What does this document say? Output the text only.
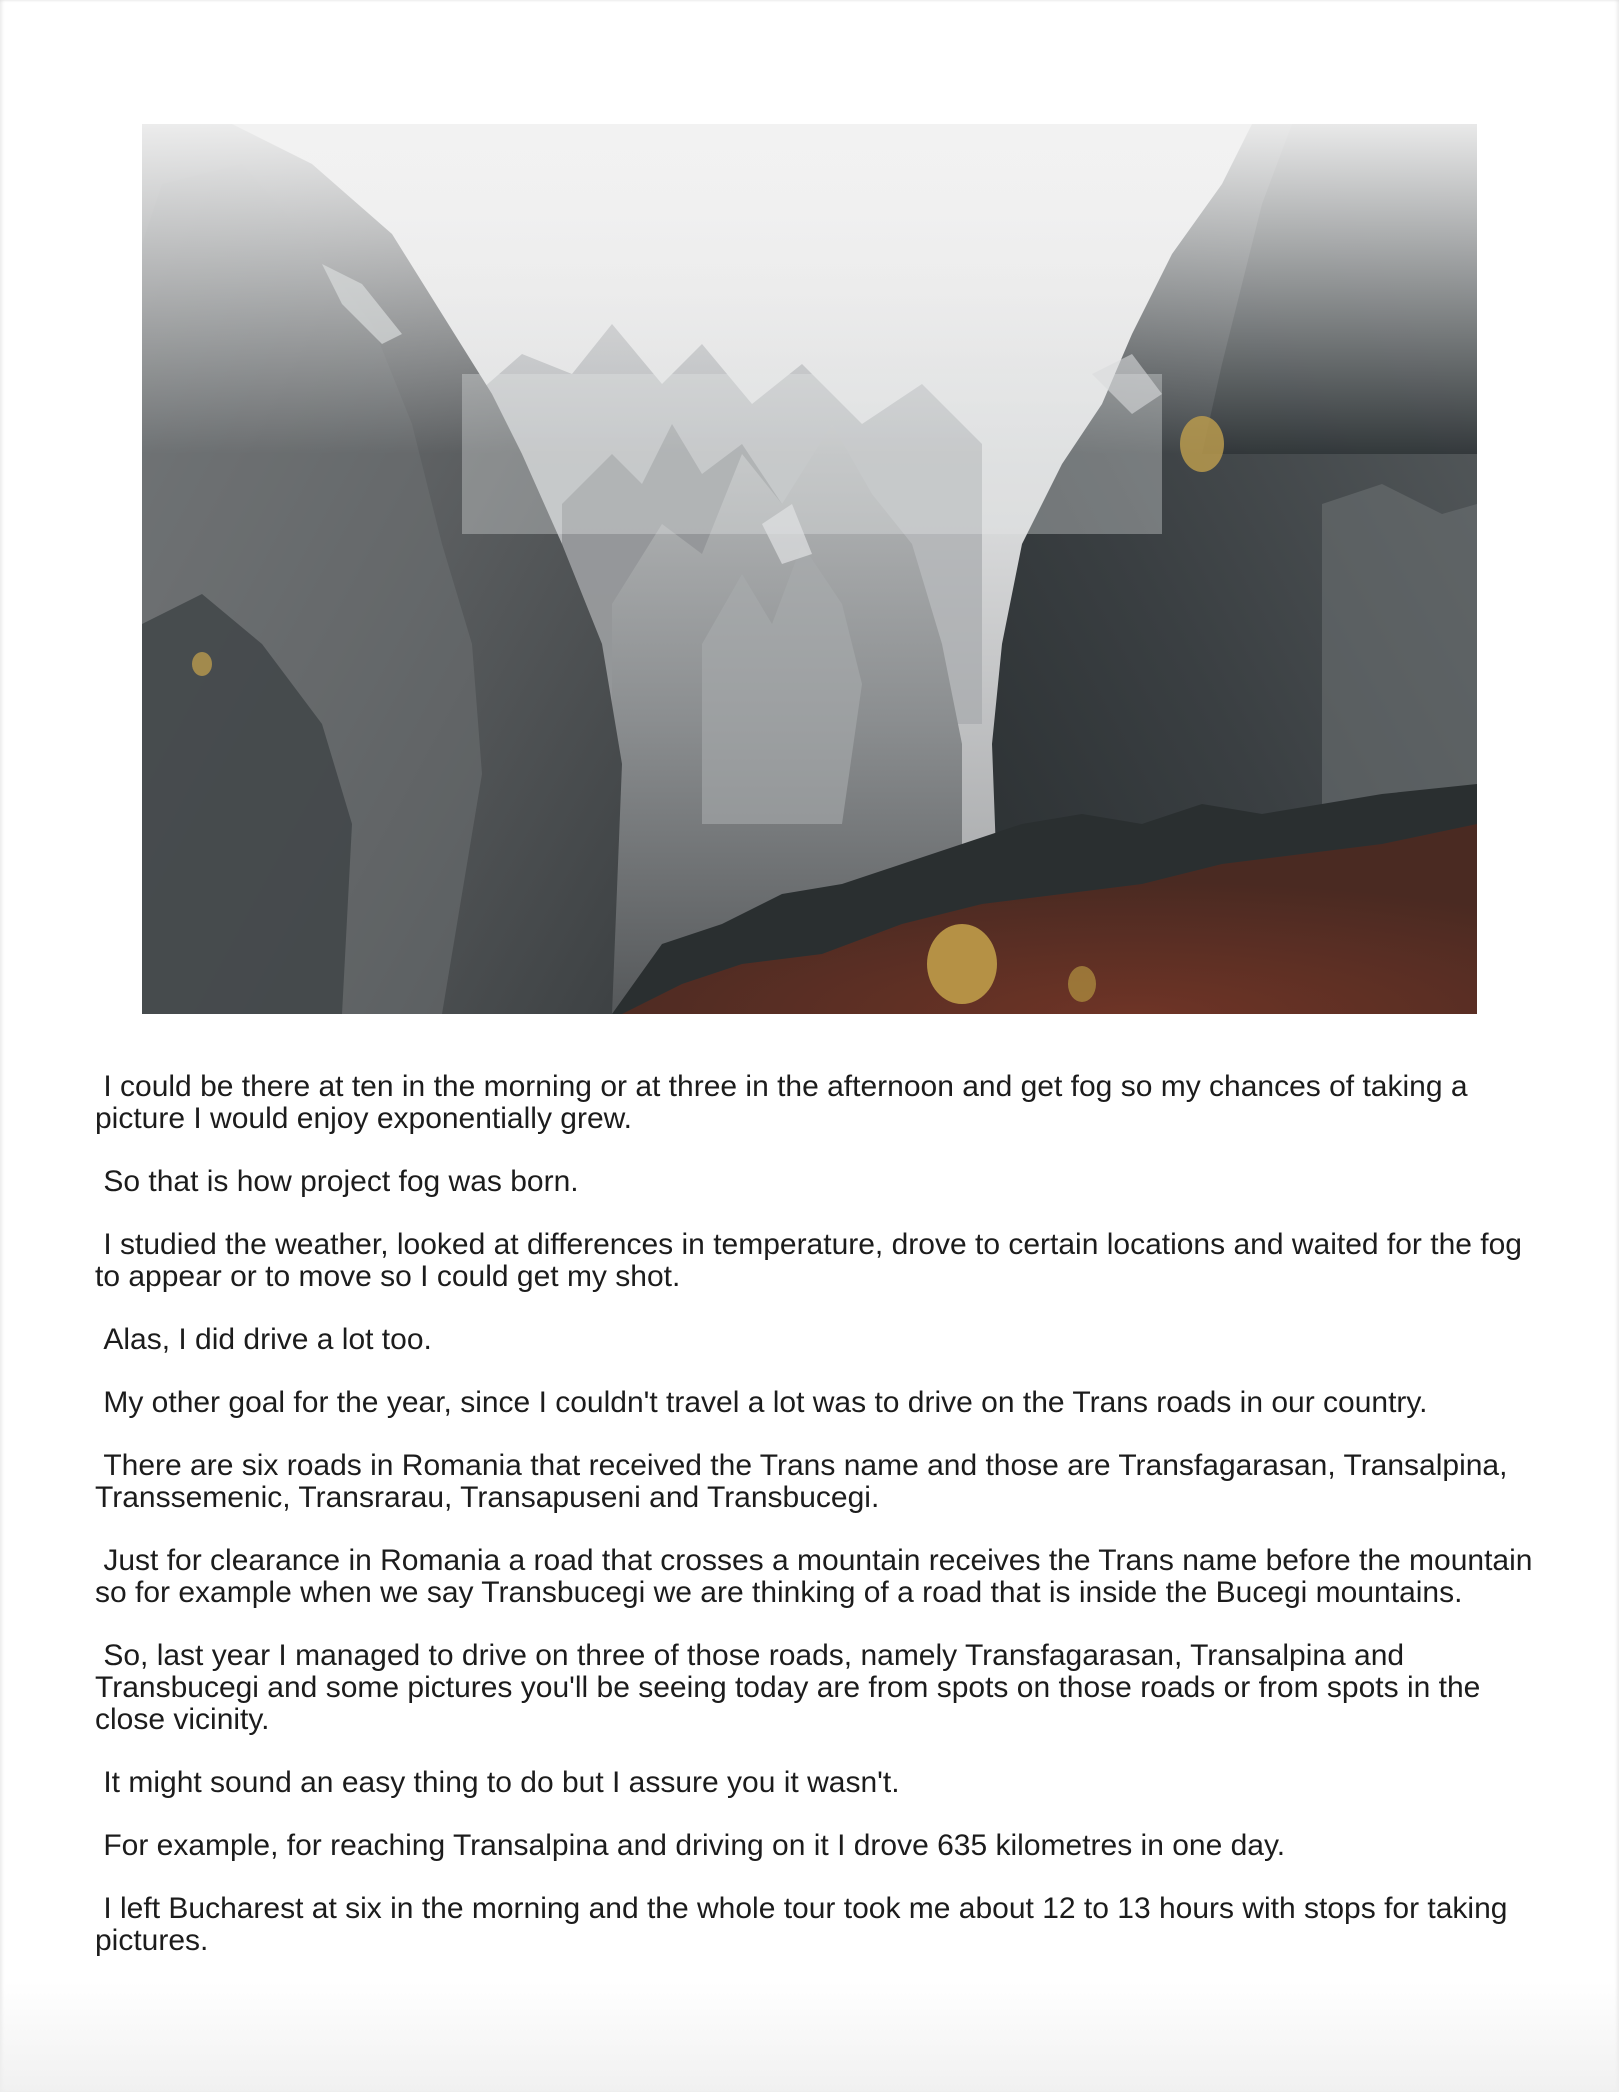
I could be there at ten in the morning or at three in the afternoon and get fog so my chances of taking a picture I would enjoy exponentially grew.

So that is how project fog was born.

I studied the weather, looked at differences in temperature, drove to certain locations and waited for the fog to appear or to move so I could get my shot.

Alas, I did drive a lot too.

My other goal for the year, since I couldn't travel a lot was to drive on the Trans roads in our country.

There are six roads in Romania that received the Trans name and those are Transfagarasan, Transalpina, Transsemenic, Transrarau, Transapuseni and Transbucegi.

Just for clearance in Romania a road that crosses a mountain receives the Trans name before the mountain so for example when we say Transbucegi we are thinking of a road that is inside the Bucegi mountains.

So, last year I managed to drive on three of those roads, namely Transfagarasan, Transalpina and Transbucegi and some pictures you'll be seeing today are from spots on those roads or from spots in the close vicinity.

It might sound an easy thing to do but I assure you it wasn't.

For example, for reaching Transalpina and driving on it I drove 635 kilometres in one day.

I left Bucharest at six in the morning and the whole tour took me about 12 to 13 hours with stops for taking pictures.
